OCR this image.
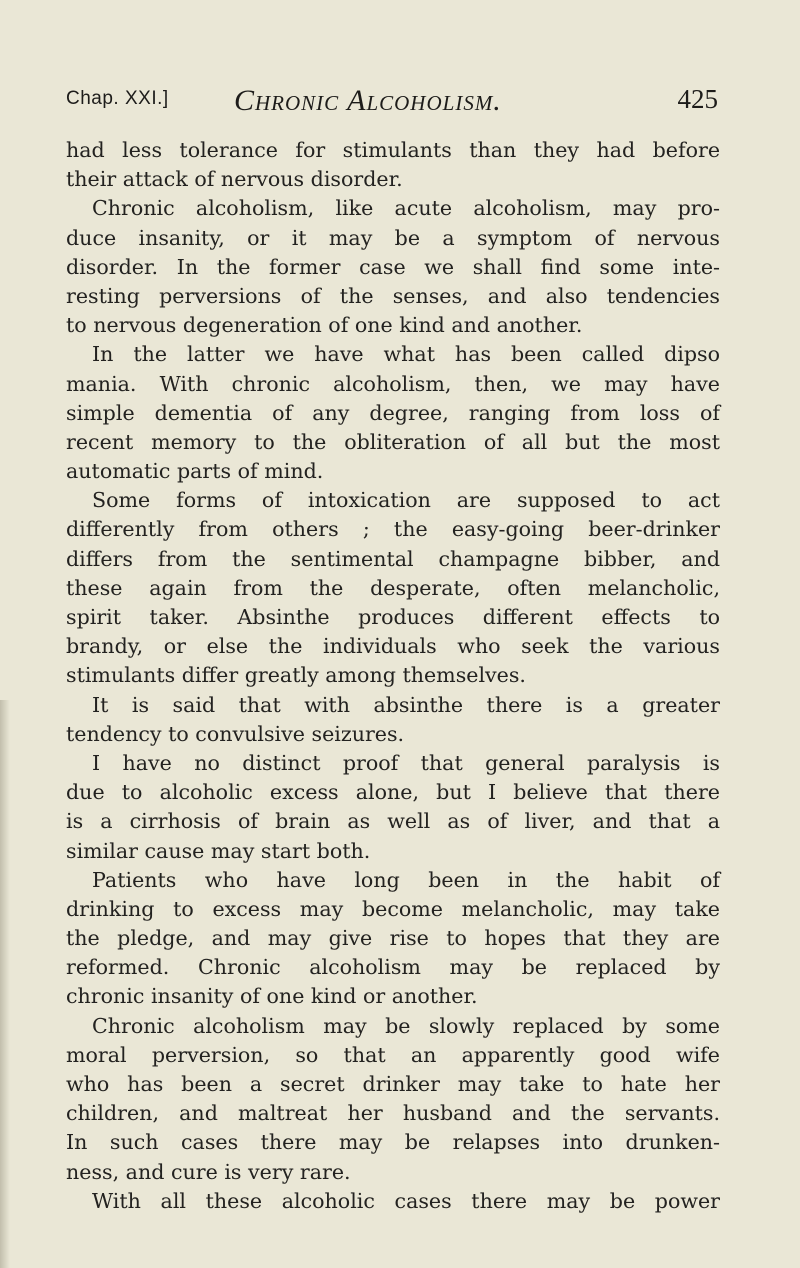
Chap. XXI.] Chronic Alcoholism.	425
had less tolerance for stimulants than they had before
their attack of nervous disorder.
Chronic alcoholism, like acute alcoholism, may pro-
duce insanity, or it may be a symptom of nervous
disorder. In the former case we shall find some inte-
resting perversions of the senses, and also tendencies
to nervous degeneration of one kind and another.
In the latter we have what has been called dipso
mania. With chronic alcoholism, then, we may have
simple dementia of any degree, ranging from loss of
recent memory to the obliteration of all but the most
automatic parts of mind.
Some forms of intoxication are supposed to act
differently from others ; the easy-going beer-drinker
differs from the sentimental champagne bibber, and
these again from the desperate, often melancholic,
spirit taker. Absinthe produces different effects to
brandy, or else the individuals who seek the various
stimulants differ greatly among themselves.
It is said that with absinthe there is a greater
tendency to convulsive seizures.
I have no distinct proof that general paralysis is
due to alcoholic excess alone, but I believe that there
is a cirrhosis of brain as well as of liver, and that a
similar cause may start both.
Patients who have long been in the habit of
drinking to excess may become melancholic, may take
the pledge, and may give rise to hopes that they are
reformed. Chronic alcoholism may be replaced by
chronic insanity of one kind or another.
Chronic alcoholism may be slowly replaced by some
moral perversion, so that an apparently good wife
who has been a secret drinker may take to hate her
children, and maltreat her husband and the servants.
In such cases there may be relapses into drunken-
ness, and cure is very rare.
With all these alcoholic cases there may be power
